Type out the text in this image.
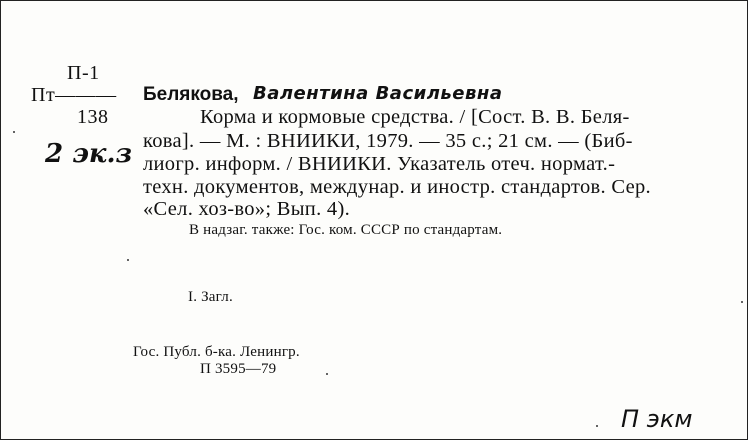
П-1
Пт———
138
2 эк.з
Белякова, Валентина Васильевна
Корма и кормовые средства. / [Сост. В. В. Беля-
кова]. — М. : ВНИИКИ, 1979. — 35 с.; 21 см. — (Биб-
лиогр. информ. / ВНИИКИ. Указатель отеч. нормат.-
техн. документов, междунар. и иностр. стандартов. Сер.
«Сел. хоз-во»; Вып. 4).
В надзаг. также: Гос. ком. СССР по стандартам.
I. Загл.
Гос. Публ. б-ка. Ленингр.
П 3595—79
П экм
